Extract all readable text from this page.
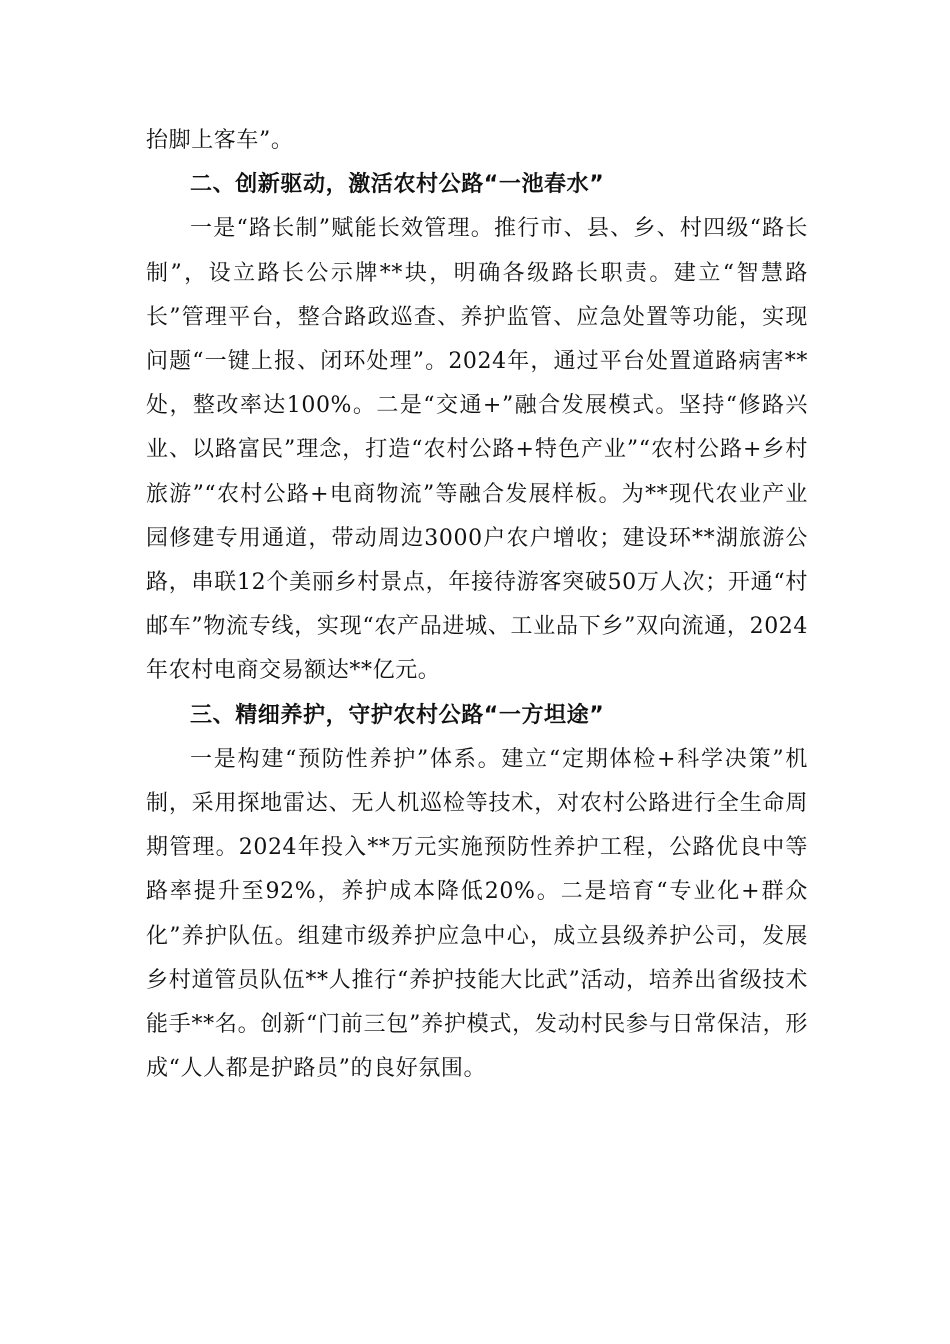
抬脚上客车”。

二、创新驱动，激活农村公路“一池春水”

一是“路长制”赋能长效管理。推行市、县、乡、村四级“路长制”，设立路长公示牌**块，明确各级路长职责。建立“智慧路长”管理平台，整合路政巡查、养护监管、应急处置等功能，实现问题“一键上报、闭环处理”。2024年，通过平台处置道路病害**处，整改率达100%。二是“交通+”融合发展模式。坚持“修路兴业、以路富民”理念，打造“农村公路+特色产业”“农村公路+乡村旅游”“农村公路+电商物流”等融合发展样板。为**现代农业产业园修建专用通道，带动周边3000户农户增收；建设环**湖旅游公路，串联12个美丽乡村景点，年接待游客突破50万人次；开通“村邮车”物流专线，实现“农产品进城、工业品下乡”双向流通，2024年农村电商交易额达**亿元。

三、精细养护，守护农村公路“一方坦途”

一是构建“预防性养护”体系。建立“定期体检+科学决策”机制，采用探地雷达、无人机巡检等技术，对农村公路进行全生命周期管理。2024年投入**万元实施预防性养护工程，公路优良中等路率提升至92%，养护成本降低20%。二是培育“专业化+群众化”养护队伍。组建市级养护应急中心，成立县级养护公司，发展乡村道管员队伍**人推行“养护技能大比武”活动，培养出省级技术能手**名。创新“门前三包”养护模式，发动村民参与日常保洁，形成“人人都是护路员”的良好氛围。
